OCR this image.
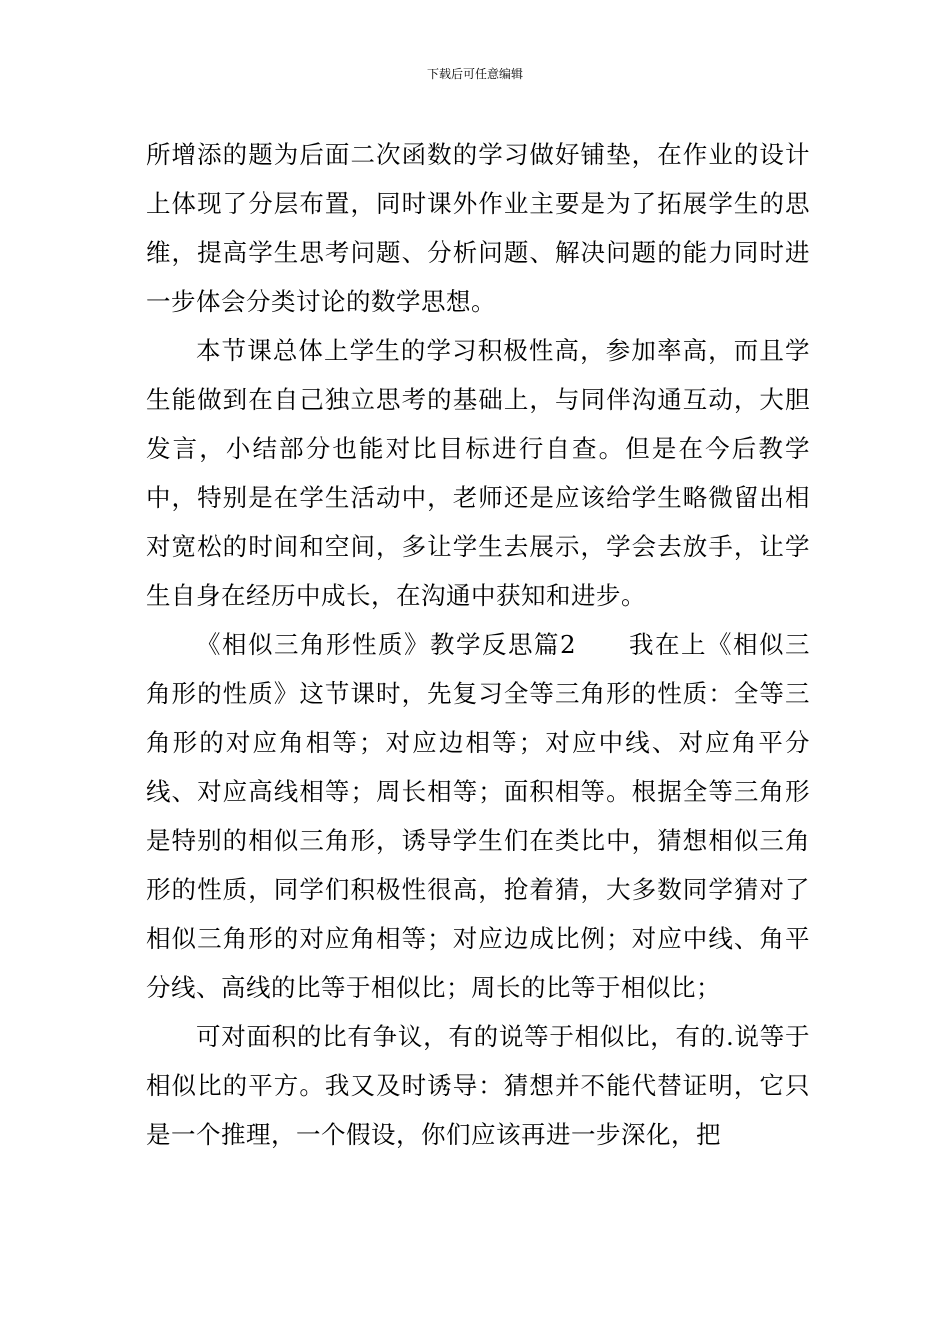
下载后可任意编辑

所增添的题为后面二次函数的学习做好铺垫，在作业的设计上体现了分层布置，同时课外作业主要是为了拓展学生的思维，提高学生思考问题、分析问题、解决问题的能力同时进一步体会分类讨论的数学思想。

本节课总体上学生的学习积极性高，参加率高，而且学生能做到在自己独立思考的基础上，与同伴沟通互动，大胆发言，小结部分也能对比目标进行自查。但是在今后教学中，特别是在学生活动中，老师还是应该给学生略微留出相对宽松的时间和空间，多让学生去展示，学会去放手，让学生自身在经历中成长，在沟通中获知和进步。

《相似三角形性质》教学反思篇2　　我在上《相似三角形的性质》这节课时，先复习全等三角形的性质：全等三角形的对应角相等；对应边相等；对应中线、对应角平分线、对应高线相等；周长相等；面积相等。根据全等三角形是特别的相似三角形，诱导学生们在类比中，猜想相似三角形的性质，同学们积极性很高，抢着猜，大多数同学猜对了相似三角形的对应角相等；对应边成比例；对应中线、角平分线、高线的比等于相似比；周长的比等于相似比；

可对面积的比有争议，有的说等于相似比，有的.说等于相似比的平方。我又及时诱导：猜想并不能代替证明，它只是一个推理，一个假设，你们应该再进一步深化，把
